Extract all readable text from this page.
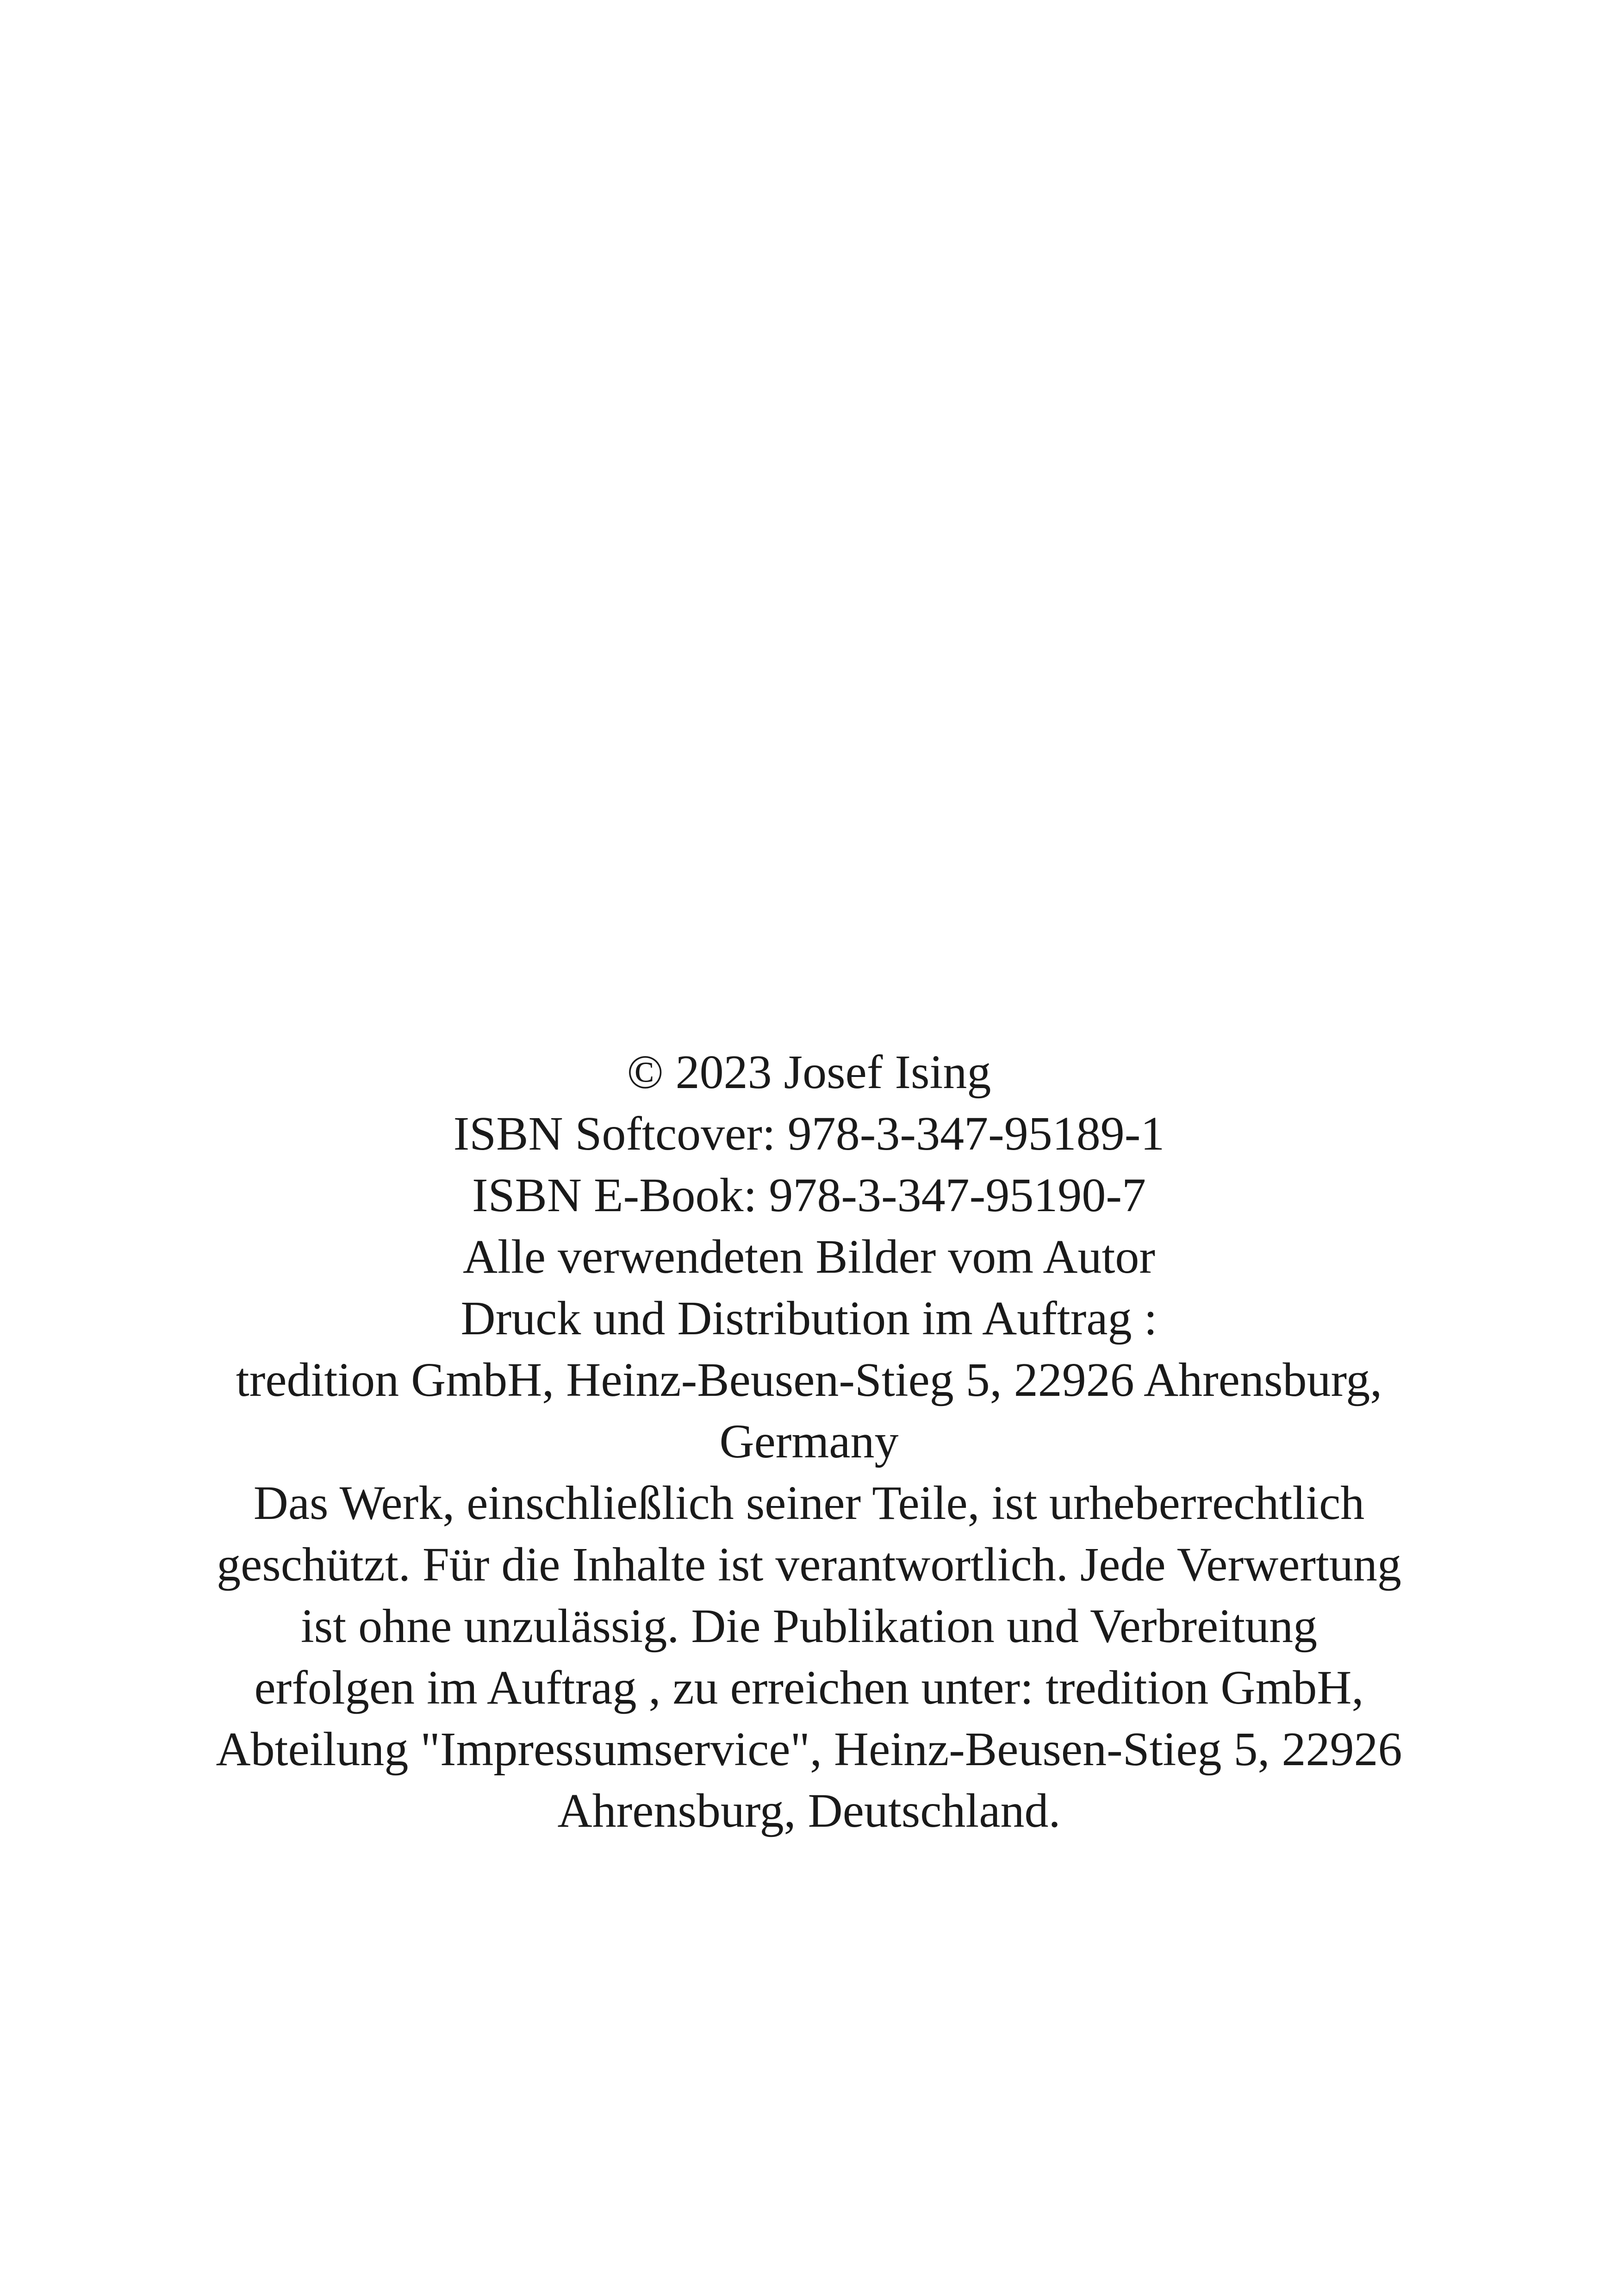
© 2023 Josef Ising
ISBN Softcover: 978-3-347-95189-1
ISBN E-Book: 978-3-347-95190-7
Alle verwendeten Bilder vom Autor
Druck und Distribution im Auftrag :
tredition GmbH, Heinz-Beusen-Stieg 5, 22926 Ahrensburg,
Germany
Das Werk, einschließlich seiner Teile, ist urheberrechtlich
geschützt. Für die Inhalte ist verantwortlich. Jede Verwertung
ist ohne unzulässig. Die Publikation und Verbreitung
erfolgen im Auftrag , zu erreichen unter: tredition GmbH,
Abteilung "Impressumservice", Heinz-Beusen-Stieg 5, 22926
Ahrensburg, Deutschland.
